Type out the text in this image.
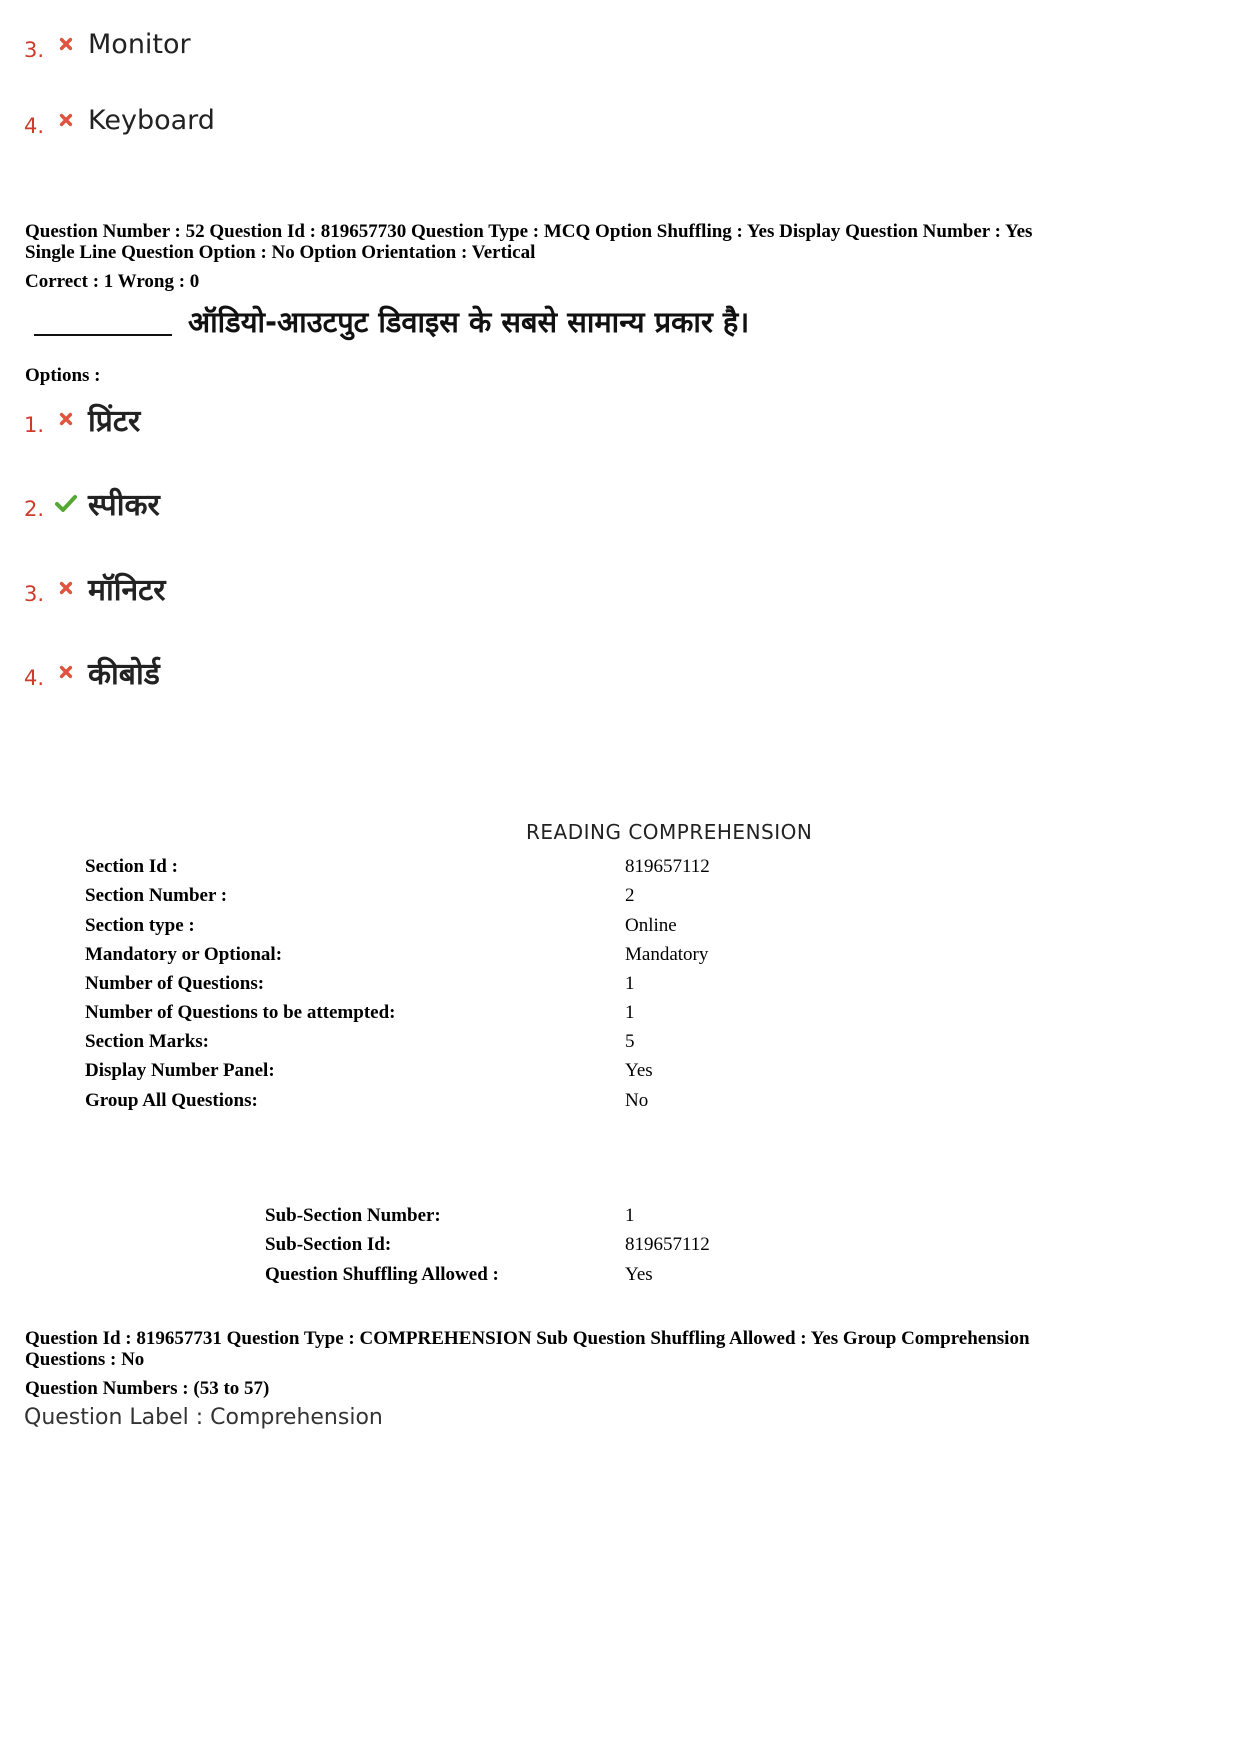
3. Monitor
4. Keyboard
Question Number : 52 Question Id : 819657730 Question Type : MCQ Option Shuffling : Yes Display Question Number : Yes
Single Line Question Option : No Option Orientation : Vertical
Correct : 1 Wrong : 0
ऑडियो-आउटपुट डिवाइस के सबसे सामान्य प्रकार है।
Options :
1. प्रिंटर
2. स्पीकर
3. मॉनिटर
4. कीबोर्ड
READING COMPREHENSION
Section Id :	819657112
Section Number :	2
Section type :	Online
Mandatory or Optional:	Mandatory
Number of Questions:	1
Number of Questions to be attempted:	1
Section Marks:	5
Display Number Panel:	Yes
Group All Questions:	No
Sub-Section Number:	1
Sub-Section Id:	819657112
Question Shuffling Allowed :	Yes
Question Id : 819657731 Question Type : COMPREHENSION Sub Question Shuffling Allowed : Yes Group Comprehension
Questions : No
Question Numbers : (53 to 57)
Question Label : Comprehension
